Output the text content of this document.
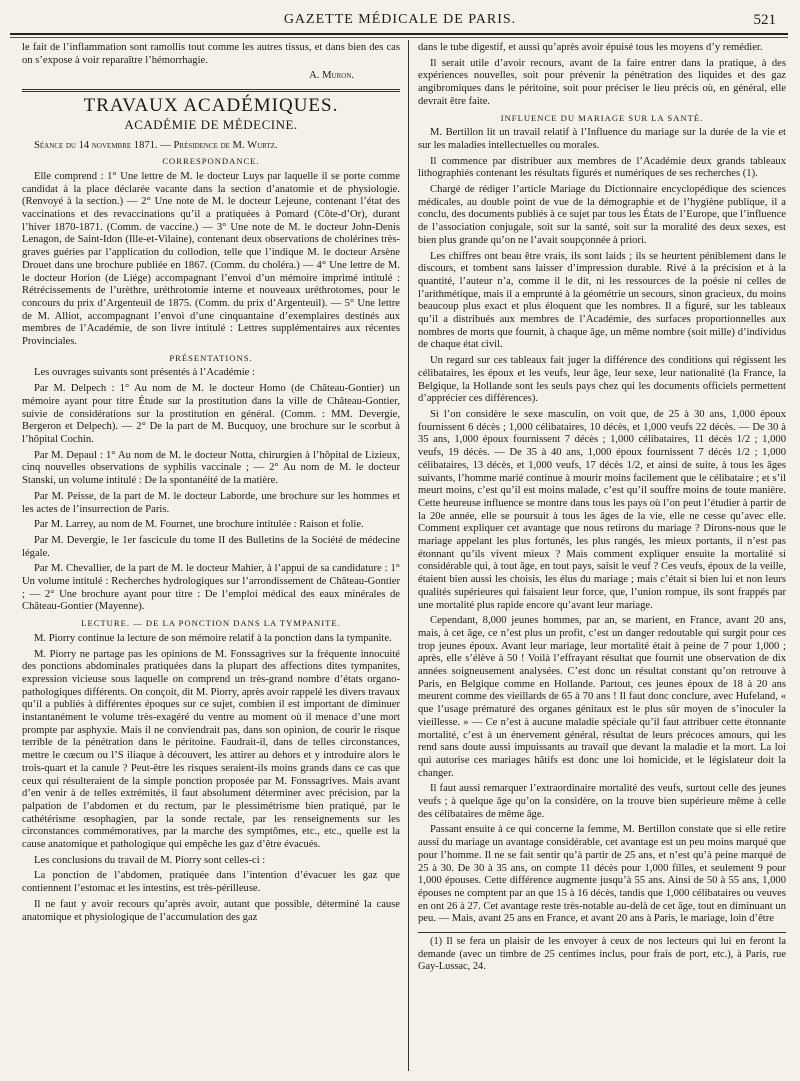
GAZETTE MÉDICALE DE PARIS.	521

le fait de l’inflammation sont ramollis tout comme les autres tissus, et dans bien des cas on s’expose à voir reparaître l’hémorrhagie.

A. Muron.
TRAVAUX ACADÉMIQUES.
ACADÉMIE DE MÉDECINE.
Séance du 14 novembre 1871. — Présidence de M. Wurtz.
CORRESPONDANCE.

Elle comprend : 1° Une lettre de M. le docteur Luys par laquelle il se porte comme candidat à la place déclarée vacante dans la section d’anatomie et de physiologie. (Renvoyé à la section.) — 2° Une note de M. le docteur Lejeune, contenant l’état des vaccinations et des revaccinations qu’il a pratiquées à Pomard (Côte-d’Or), durant l’hiver 1870-1871. (Comm. de vaccine.) — 3° Une note de M. le docteur John-Denis Lenagon, de Saint-Idon (Ille-et-Vilaine), contenant deux observations de cholérines très-graves guéries par l’application du collodion, telle que l’indique M. le docteur Arsène Drouet dans une brochure publiée en 1867. (Comm. du choléra.) — 4° Une lettre de M. le docteur Horion (de Liége) accompagnant l’envoi d’un mémoire imprimé intitulé : Rétrécissements de l’urèthre, uréthrotomie interne et nouveaux uréthrotomes, pour le concours du prix d’Argenteuil de 1875. (Comm. du prix d’Argenteuil). — 5° Une lettre de M. Alliot, accompagnant l’envoi d’une cinquantaine d’exemplaires destinés aux membres de l’Académie, de son livre intitulé : Lettres supplémentaires aux récentes Provinciales.

PRÉSENTATIONS.

Les ouvrages suivants sont présentés à l’Académie :

Par M. Delpech : 1° Au nom de M. le docteur Homo (de Château-Gontier) un mémoire ayant pour titre Étude sur la prostitution dans la ville de Château-Gontier, suivie de considérations sur la prostitution en général. (Comm. : MM. Devergie, Bergeron et Delpech). — 2° De la part de M. Bucquoy, une brochure sur le scorbut à l’hôpital Cochin.

Par M. Depaul : 1° Au nom de M. le docteur Notta, chirurgien à l’hôpital de Lizieux, cinq nouvelles observations de syphilis vaccinale ; — 2° Au nom de M. le docteur Stanski, un volume intitulé : De la spontanéité de la matière.

Par M. Peisse, de la part de M. le docteur Laborde, une brochure sur les hommes et les actes de l’insurrection de Paris.

Par M. Larrey, au nom de M. Fournet, une brochure intitulée : Raison et folie.

Par M. Devergie, le 1er fascicule du tome II des Bulletins de la Société de médecine légale.

Par M. Chevallier, de la part de M. le docteur Mahier, à l’appui de sa candidature : 1° Un volume intitulé : Recherches hydrologiques sur l’arrondissement de Château-Gontier ; — 2° Une brochure ayant pour titre : De l’emploi médical des eaux minérales de Château-Gontier (Mayenne).

LECTURE. — DE LA PONCTION DANS LA TYMPANITE.

M. Piorry continue la lecture de son mémoire relatif à la ponction dans la tympanite.

M. Piorry ne partage pas les opinions de M. Fonssagrives sur la fréquente innocuité des ponctions abdominales pratiquées dans la plupart des affections dites tympanites, expression vicieuse sous laquelle on comprend un très-grand nombre d’états organo-pathologiques différents. On conçoit, dit M. Piorry, après avoir rappelé les divers travaux qu’il a publiés à différentes époques sur ce sujet, combien il est important de diminuer instantanément le volume très-exagéré du ventre au moment où il menace d’une mort prompte par asphyxie. Mais il ne conviendrait pas, dans son opinion, de courir le risque terrible de la pénétration dans le péritoine. Faudrait-il, dans de telles circonstances, mettre le cœcum ou l’S iliaque à découvert, les attirer au dehors et y introduire alors le trois-quart et la canule ? Peut-être les risques seraient-ils moins grands dans ce cas que ceux qui résulteraient de la simple ponction proposée par M. Fonssagrives. Mais avant d’en venir à de telles extrémités, il faut absolument déterminer avec précision, par la palpation de l’abdomen et du rectum, par le plessimétrisme bien pratiqué, par le cathétérisme œsophagien, par la sonde rectale, par les renseignements sur les circonstances commémoratives, par la marche des symptômes, etc., etc., quelle est la cause anatomique et pathologique qui empêche les gaz d’être évacués.

Les conclusions du travail de M. Piorry sont celles-ci :

La ponction de l’abdomen, pratiquée dans l’intention d’évacuer les gaz que contiennent l’estomac et les intestins, est très-périlleuse.

Il ne faut y avoir recours qu’après avoir, autant que possible, déterminé la cause anatomique et physiologique de l’accumulation des gaz

dans le tube digestif, et aussi qu’après avoir épuisé tous les moyens d’y remédier.

Il serait utile d’avoir recours, avant de la faire entrer dans la pratique, à des expériences nouvelles, soit pour prévenir la pénétration des liquides et des gaz angibromiques dans le péritoine, soit pour préciser le lieu précis où, en général, elle devrait être faite.

INFLUENCE DU MARIAGE SUR LA SANTÉ.

M. Bertillon lit un travail relatif à l’Influence du mariage sur la durée de la vie et sur les maladies intellectuelles ou morales.

Il commence par distribuer aux membres de l’Académie deux grands tableaux lithographiés contenant les résultats figurés et numériques de ses recherches (1).

Chargé de rédiger l’article Mariage du Dictionnaire encyclopédique des sciences médicales, au double point de vue de la démographie et de l’hygiène publique, il a conclu, des documents publiés à ce sujet par tous les États de l’Europe, que l’influence de l’association conjugale, soit sur la santé, soit sur la moralité des deux sexes, est bien plus grande qu’on ne l’avait soupçonnée à priori.

Les chiffres ont beau être vrais, ils sont laids ; ils se heurtent péniblement dans le discours, et tombent sans laisser d’impression durable. Rivé à la précision et à la quantité, l’auteur n’a, comme il le dit, ni les ressources de la poésie ni celles de l’arithmétique, mais il a emprunté à la géométrie un secours, sinon gracieux, du moins beaucoup plus exact et plus éloquent que les nombres. Il a figuré, sur les tableaux qu’il a distribués aux membres de l’Académie, des surfaces proportionnelles aux nombres de morts que fournit, à chaque âge, un même nombre (soit mille) d’individus de chaque état civil.

Un regard sur ces tableaux fait juger la différence des conditions qui régissent les célibataires, les époux et les veufs, leur âge, leur sexe, leur nationalité (la France, la Belgique, la Hollande sont les seuls pays chez qui les documents officiels permettent d’apprécier ces différences).

Si l’on considère le sexe masculin, on voit que, de 25 à 30 ans, 1,000 époux fournissent 6 décès ; 1,000 célibataires, 10 décès, et 1,000 veufs 22 décès. — De 30 à 35 ans, 1,000 époux fournissent 7 décès ; 1,000 célibataires, 11 décès 1/2 ; 1,000 veufs, 19 décès. — De 35 à 40 ans, 1,000 époux fournissent 7 décès 1/2 ; 1,000 célibataires, 13 décès, et 1,000 veufs, 17 décès 1/2, et ainsi de suite, à tous les âges suivants, l’homme marié continue à mourir moins facilement que le célibataire ; et s’il meurt moins, c’est qu’il est moins malade, c’est qu’il souffre moins de toute manière. Cette heureuse influence se montre dans tous les pays où l’on peut l’étudier à partir de la 20e année, elle se poursuit à tous les âges de la vie, elle ne cesse qu’avec elle. Comment expliquer cet avantage que nous retirons du mariage ? Dirons-nous que le mariage appelant les plus fortunés, les plus rangés, les mieux portants, il n’est pas étonnant qu’ils vivent mieux ? Mais comment expliquer ensuite la mortalité si considérable qui, à tout âge, en tout pays, saisit le veuf ? Ces veufs, époux de la veille, étaient bien aussi les choisis, les élus du mariage ; mais c’était si bien lui et non leurs qualités supérieures qui faisaient leur force, que, l’union rompue, ils sont frappés par une mortalité plus rapide encore qu’avant leur mariage.

Cependant, 8,000 jeunes hommes, par an, se marient, en France, avant 20 ans, mais, à cet âge, ce n’est plus un profit, c’est un danger redoutable qui surgit pour ces trop jeunes époux. Avant leur mariage, leur mortalité était à peine de 7 pour 1,000 ; après, elle s’élève à 50 ! Voilà l’effrayant résultat que fournit une observation de dix années soigneusement analysées. C’est donc un résultat constant qu’on retrouve à Paris, en Belgique comme en Hollande. Partout, ces jeunes époux de 18 à 20 ans meurent comme des vieillards de 65 à 70 ans ! Il faut donc conclure, avec Hufeland, « que l’usage prématuré des organes génitaux est le plus sûr moyen de s’inoculer la vieillesse. » — Ce n’est à aucune maladie spéciale qu’il faut attribuer cette étonnante mortalité, c’est à un énervement général, résultat de leurs précoces amours, qui les rend sans doute aussi impuissants au travail que devant la maladie et la mort. La loi qui autorise ces mariages hâtifs est donc une loi homicide, et le législateur doit la changer.

Il faut aussi remarquer l’extraordinaire mortalité des veufs, surtout celle des jeunes veufs ; à quelque âge qu’on la considère, on la trouve bien supérieure même à celle des célibataires de même âge.

Passant ensuite à ce qui concerne la femme, M. Bertillon constate que si elle retire aussi du mariage un avantage considérable, cet avantage est un peu moins marqué que pour l’homme. Il ne se fait sentir qu’à partir de 25 ans, et n’est qu’à peine marqué de 25 à 30. De 30 à 35 ans, on compte 11 décès pour 1,000 filles, et seulement 9 pour 1,000 épouses. Cette différence augmente jusqu’à 55 ans. Ainsi de 50 à 55 ans, 1,000 épouses ne comptent par an que 15 à 16 décès, tandis que 1,000 célibataires ou veuves en ont 26 à 27. Cet avantage reste très-notable au-delà de cet âge, tout en diminuant un peu. — Mais, avant 25 ans en France, et avant 20 ans à Paris, le mariage, loin d’être

(1) Il se fera un plaisir de les envoyer à ceux de nos lecteurs qui lui en feront la demande (avec un timbre de 25 centimes inclus, pour frais de port, etc.), à Paris, rue Gay-Lussac, 24.
